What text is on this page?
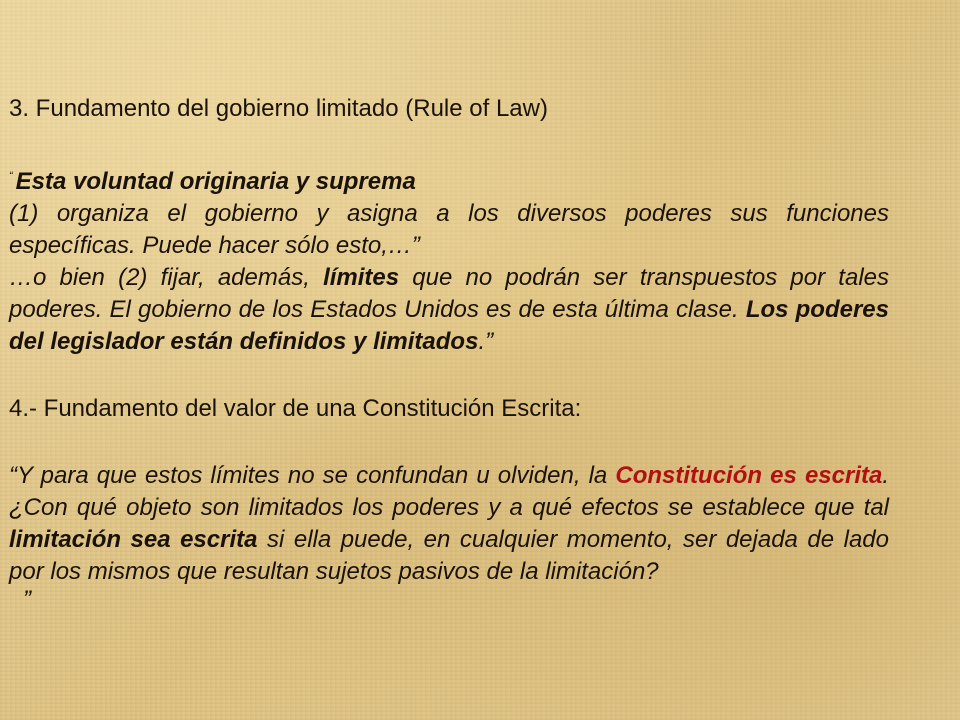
3. Fundamento del gobierno limitado (Rule of Law)

“ Esta voluntad originaria y suprema

(1) organiza el gobierno y asigna a los diversos poderes sus funciones específicas. Puede hacer sólo esto,…”

…o bien (2) fijar, además, límites que no podrán ser transpuestos por tales poderes. El gobierno de los Estados Unidos es de esta última clase. Los poderes del legislador están definidos y limitados.”

4.- Fundamento del valor de una Constitución Escrita:

“Y para que estos límites no se confundan u olviden, la Constitución es escrita. ¿Con qué objeto son limitados los poderes y a qué efectos se establece que tal limitación sea escrita si ella puede, en cualquier momento, ser dejada de lado por los mismos que resultan sujetos pasivos de la limitación?

”
